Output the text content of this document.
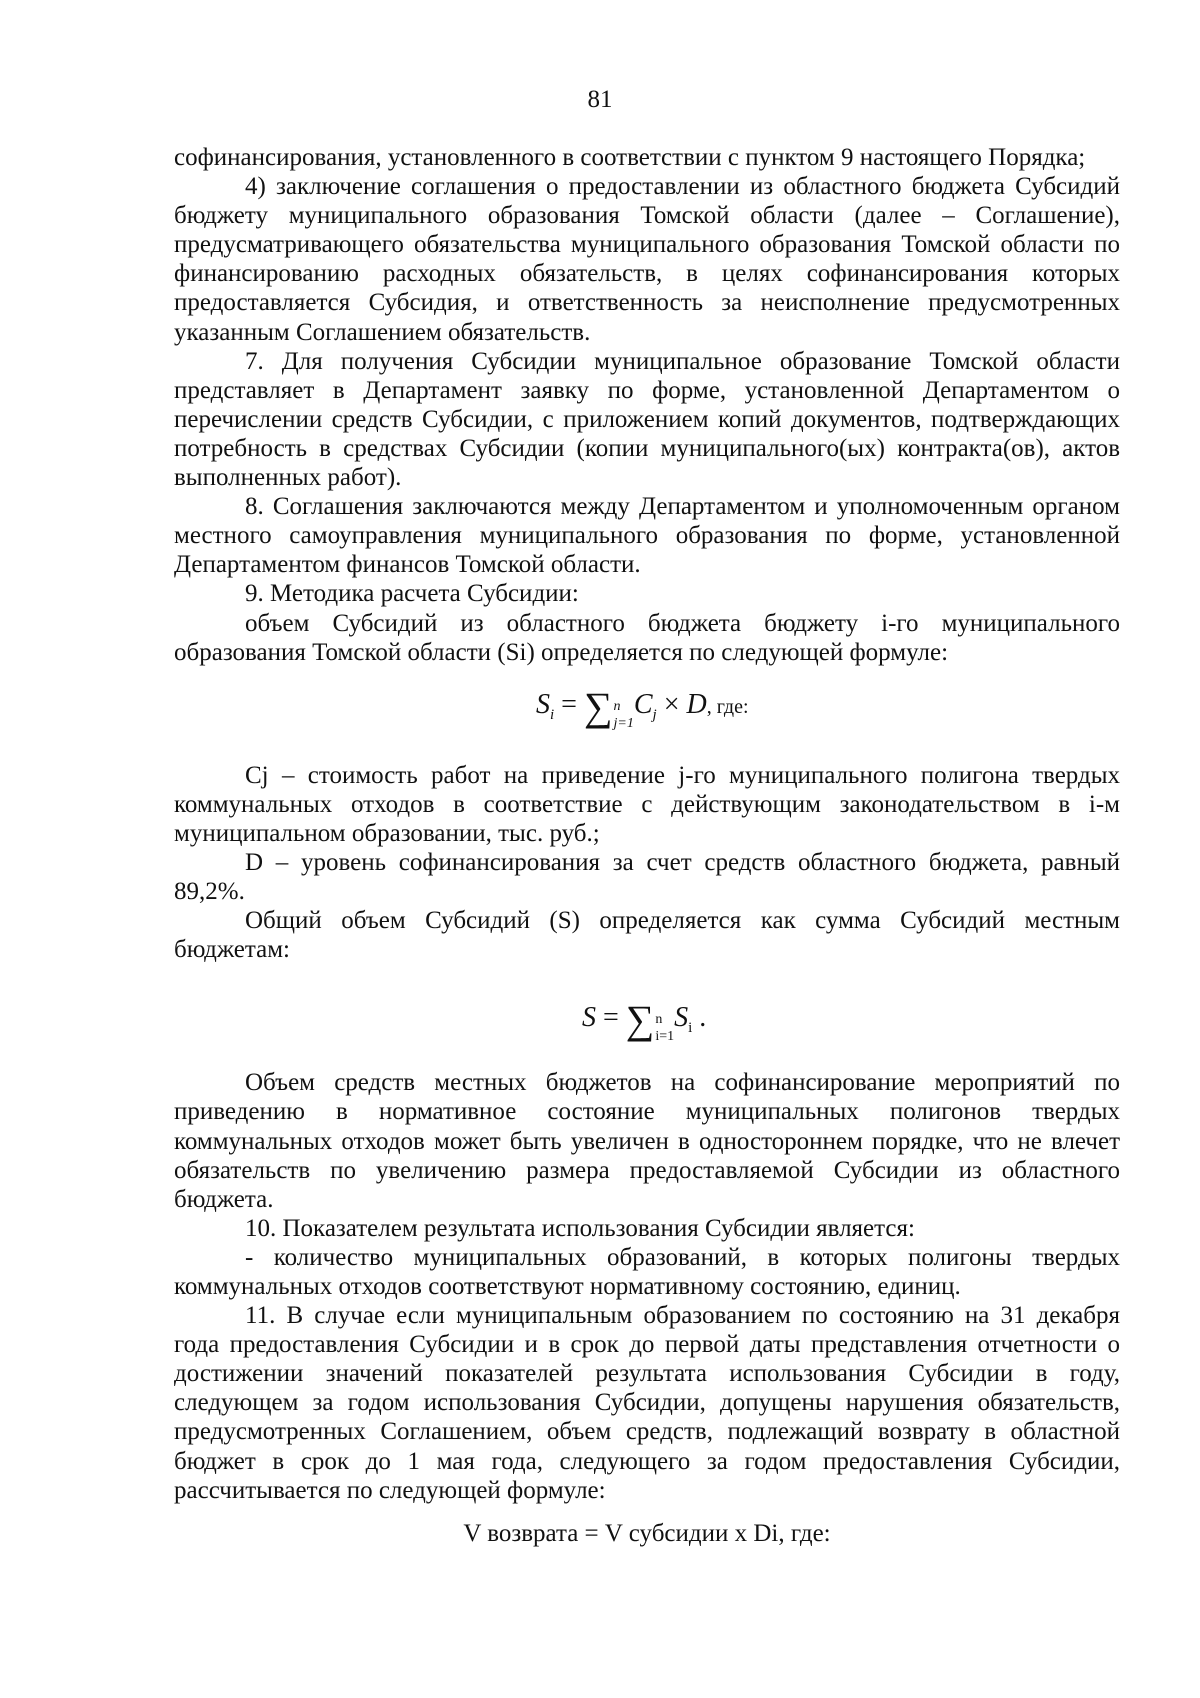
81

софинансирования, установленного в соответствии с пунктом 9 настоящего Порядка;

4) заключение соглашения о предоставлении из областного бюджета Субсидий бюджету муниципального образования Томской области (далее – Соглашение), предусматривающего обязательства муниципального образования Томской области по финансированию расходных обязательств, в целях софинансирования которых предоставляется Субсидия, и ответственность за неисполнение предусмотренных указанным Соглашением обязательств.

7. Для получения Субсидии муниципальное образование Томской области представляет в Департамент заявку по форме, установленной Департаментом о перечислении средств Субсидии, с приложением копий документов, подтверждающих потребность в средствах Субсидии (копии муниципального(ых) контракта(ов), актов выполненных работ).

8. Соглашения заключаются между Департаментом и уполномоченным органом местного самоуправления муниципального образования по форме, установленной Департаментом финансов Томской области.

9. Методика расчета Субсидии:

объем Субсидий из областного бюджета бюджету i-го муниципального образования Томской области (Si) определяется по следующей формуле:

$S_i$ = ∑ n
j=1
$C_j \times D$, где:

Cj – стоимость работ на приведение j-го муниципального полигона твердых коммунальных отходов в соответствие с действующим законодательством в i-м муниципальном образовании, тыс. руб.;

D – уровень софинансирования за счет средств областного бюджета, равный 89,2%.

Общий объем Субсидий (S) определяется как сумма Субсидий местным бюджетам:

S = ∑ n
i=1
$S_i$ .

Объем средств местных бюджетов на софинансирование мероприятий по приведению в нормативное состояние муниципальных полигонов твердых коммунальных отходов может быть увеличен в одностороннем порядке, что не влечет обязательств по увеличению размера предоставляемой Субсидии из областного бюджета.

10. Показателем результата использования Субсидии является:

- количество муниципальных образований, в которых полигоны твердых коммунальных отходов соответствуют нормативному состоянию, единиц.

11. В случае если муниципальным образованием по состоянию на 31 декабря года предоставления Субсидии и в срок до первой даты представления отчетности о достижении значений показателей результата использования Субсидии в году, следующем за годом использования Субсидии, допущены нарушения обязательств, предусмотренных Соглашением, объем средств, подлежащий возврату в областной бюджет в срок до 1 мая года, следующего за годом предоставления Субсидии, рассчитывается по следующей формуле:

V возврата = V субсидии x Di, где:
